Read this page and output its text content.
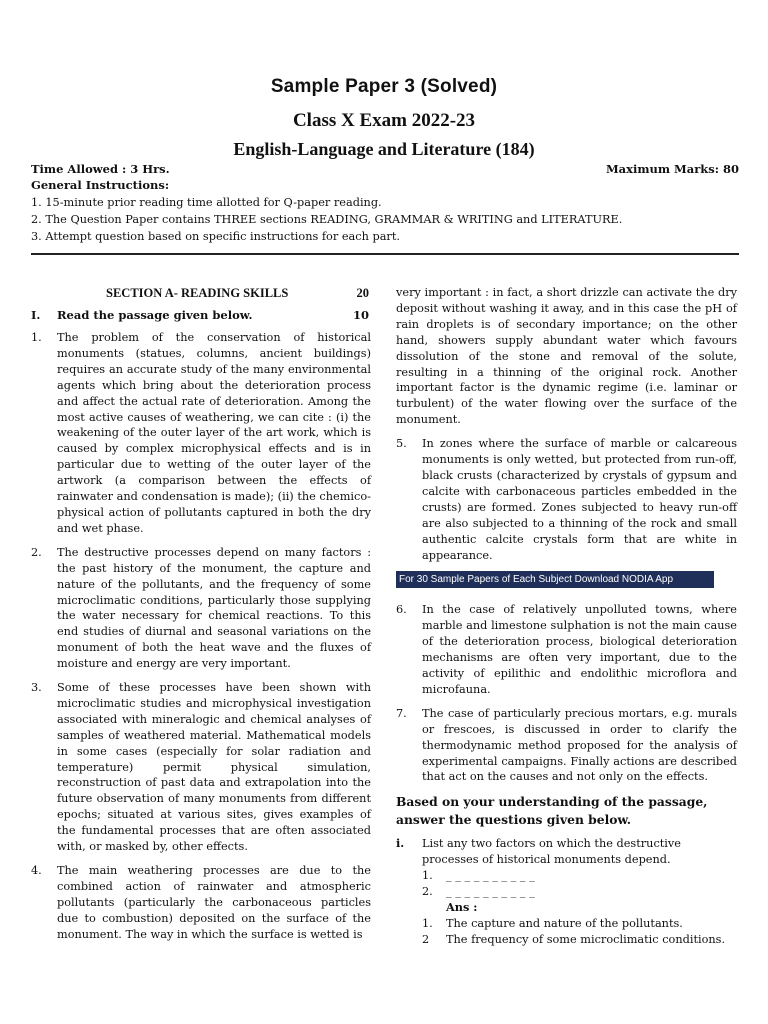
Sample Paper 3 (Solved)
Class X Exam 2022-23
English-Language and Literature (184)
Time Allowed : 3 Hrs.	Maximum Marks: 80
General Instructions:
1. 15-minute prior reading time allotted for Q-paper reading.
2. The Question Paper contains THREE sections READING, GRAMMAR & WRITING and LITERATURE.
3. Attempt question based on specific instructions for each part.
SECTION A- READING SKILLS	20
I. Read the passage given below.	10
1. The problem of the conservation of historical monuments (statues, columns, ancient buildings) requires an accurate study of the many environmental agents which bring about the deterioration process and affect the actual rate of deterioration. Among the most active causes of weathering, we can cite : (i) the weakening of the outer layer of the art work, which is caused by complex microphysical effects and is in particular due to wetting of the outer layer of the artwork (a comparison between the effects of rainwater and condensation is made); (ii) the chemico-physical action of pollutants captured in both the dry and wet phase.
2. The destructive processes depend on many factors : the past history of the monument, the capture and nature of the pollutants, and the frequency of some microclimatic conditions, particularly those supplying the water necessary for chemical reactions. To this end studies of diurnal and seasonal variations on the monument of both the heat wave and the fluxes of moisture and energy are very important.
3. Some of these processes have been shown with microclimatic studies and microphysical investigation associated with mineralogic and chemical analyses of samples of weathered material. Mathematical models in some cases (especially for solar radiation and temperature) permit physical simulation, reconstruction of past data and extrapolation into the future observation of many monuments from different epochs; situated at various sites, gives examples of the fundamental processes that are often associated with, or masked by, other effects.
4. The main weathering processes are due to the combined action of rainwater and atmospheric pollutants (particularly the carbonaceous particles due to combustion) deposited on the surface of the monument. The way in which the surface is wetted is
very important : in fact, a short drizzle can activate the dry deposit without washing it away, and in this case the pH of rain droplets is of secondary importance; on the other hand, showers supply abundant water which favours dissolution of the stone and removal of the solute, resulting in a thinning of the original rock. Another important factor is the dynamic regime (i.e. laminar or turbulent) of the water flowing over the surface of the monument.
5. In zones where the surface of marble or calcareous monuments is only wetted, but protected from run-off, black crusts (characterized by crystals of gypsum and calcite with carbonaceous particles embedded in the crusts) are formed. Zones subjected to heavy run-off are also subjected to a thinning of the rock and small authentic calcite crystals form that are white in appearance.
For 30 Sample Papers of Each Subject Download NODIA App
6. In the case of relatively unpolluted towns, where marble and limestone sulphation is not the main cause of the deterioration process, biological deterioration mechanisms are often very important, due to the activity of epilithic and endolithic microflora and microfauna.
7. The case of particularly precious mortars, e.g. murals or frescoes, is discussed in order to clarify the thermodynamic method proposed for the analysis of experimental campaigns. Finally actions are described that act on the causes and not only on the effects.
Based on your understanding of the passage, answer the questions given below.
i. List any two factors on which the destructive processes of historical monuments depend.
1. _ _ _ _ _ _ _ _ _ _
2. _ _ _ _ _ _ _ _ _ _
Ans :
1. The capture and nature of the pollutants.
2 The frequency of some microclimatic conditions.
